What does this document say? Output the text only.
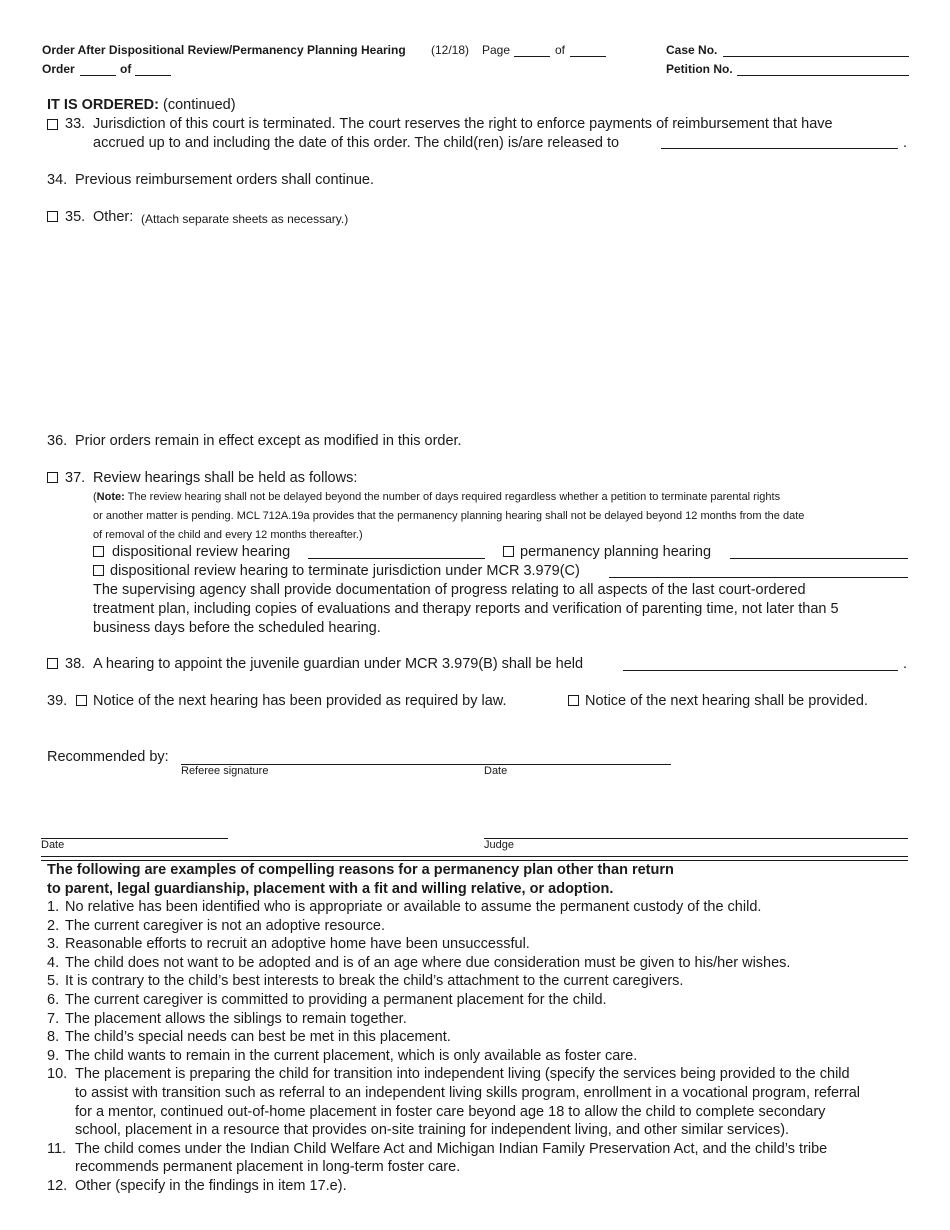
Order After Dispositional Review/Permanency Planning Hearing (12/18) Page	of
Order	of
Case No.
Petition No.
IT IS ORDERED: (continued)
33. Jurisdiction of this court is terminated. The court reserves the right to enforce payments of reimbursement that have
accrued up to and including the date of this order. The child(ren) is/are released to	.
34. Previous reimbursement orders shall continue.
35. Other: (Attach separate sheets as necessary.)
36. Prior orders remain in effect except as modified in this order.
37. Review hearings shall be held as follows:
(Note: The review hearing shall not be delayed beyond the number of days required regardless whether a petition to terminate parental rights
or another matter is pending. MCL 712A.19a provides that the permanency planning hearing shall not be delayed beyond 12 months from the date
of removal of the child and every 12 months thereafter.)
dispositional review hearing	permanency planning hearing
dispositional review hearing to terminate jurisdiction under MCR 3.979(C)
The supervising agency shall provide documentation of progress relating to all aspects of the last court-ordered
treatment plan, including copies of evaluations and therapy reports and verification of parenting time, not later than 5
business days before the scheduled hearing.
38. A hearing to appoint the juvenile guardian under MCR 3.979(B) shall be held	.
39. Notice of the next hearing has been provided as required by law.	Notice of the next hearing shall be provided.
Recommended by:
Referee signature	Date
Date	Judge
The following are examples of compelling reasons for a permanency plan other than return
to parent, legal guardianship, placement with a fit and willing relative, or adoption.
1. No relative has been identified who is appropriate or available to assume the permanent custody of the child.
2. The current caregiver is not an adoptive resource.
3. Reasonable efforts to recruit an adoptive home have been unsuccessful.
4. The child does not want to be adopted and is of an age where due consideration must be given to his/her wishes.
5. It is contrary to the child’s best interests to break the child’s attachment to the current caregivers.
6. The current caregiver is committed to providing a permanent placement for the child.
7. The placement allows the siblings to remain together.
8. The child’s special needs can best be met in this placement.
9. The child wants to remain in the current placement, which is only available as foster care.
10. The placement is preparing the child for transition into independent living (specify the services being provided to the child
to assist with transition such as referral to an independent living skills program, enrollment in a vocational program, referral
for a mentor, continued out-of-home placement in foster care beyond age 18 to allow the child to complete secondary
school, placement in a resource that provides on-site training for independent living, and other similar services).
11. The child comes under the Indian Child Welfare Act and Michigan Indian Family Preservation Act, and the child’s tribe
recommends permanent placement in long-term foster care.
12. Other (specify in the findings in item 17.e).
